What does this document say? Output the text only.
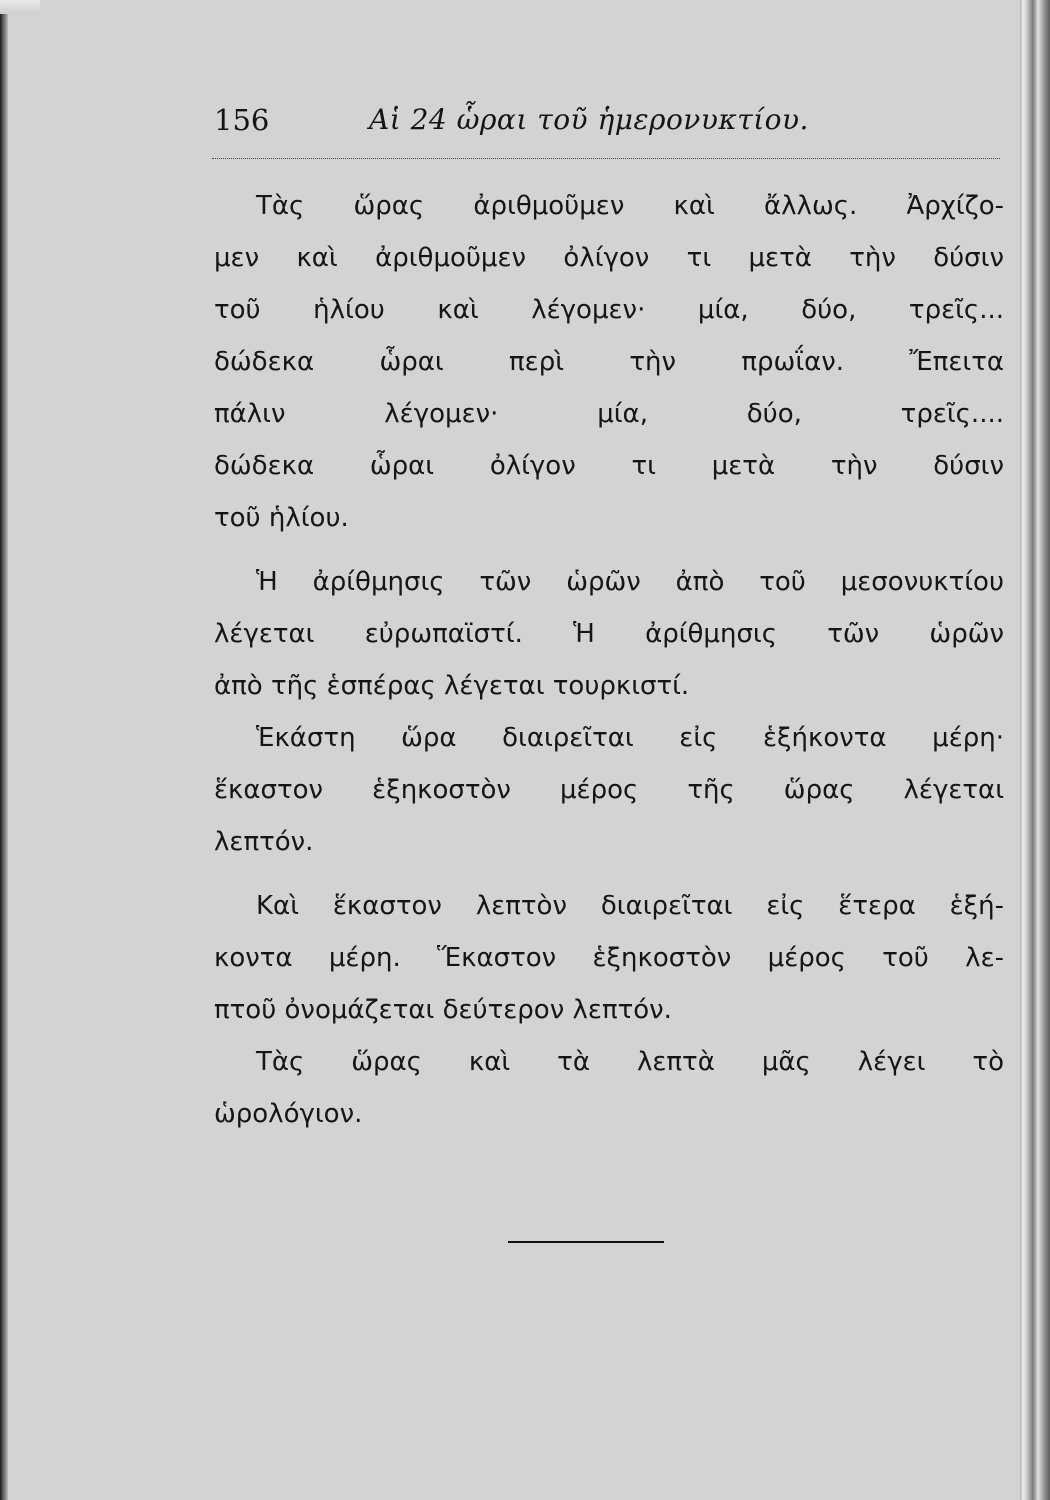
156	Αἱ 24 ὧραι τοῦ ἡμερονυκτίου.
Τὰς ὥρας ἀριθμοῦμεν καὶ ἄλλως. Ἀρχίζο-
μεν καὶ ἀριθμοῦμεν ὀλίγον τι μετὰ τὴν δύσιν
τοῦ ἡλίου καὶ λέγομεν· μία, δύο, τρεῖς...
δώδεκα ὧραι περὶ τὴν πρωΐαν. Ἔπειτα
πάλιν λέγομεν· μία, δύο, τρεῖς....
δώδεκα ὧραι ὀλίγον τι μετὰ τὴν δύσιν
τοῦ ἡλίου.
Ἡ ἀρίθμησις τῶν ὡρῶν ἀπὸ τοῦ μεσονυκτίου
λέγεται εὐρωπαϊστί. Ἡ ἀρίθμησις τῶν ὡρῶν
ἀπὸ τῆς ἑσπέρας λέγεται τουρκιστί.
Ἑκάστη ὥρα διαιρεῖται εἰς ἑξήκοντα μέρη·
ἕκαστον ἑξηκοστὸν μέρος τῆς ὥρας λέγεται
λεπτόν.
Καὶ ἕκαστον λεπτὸν διαιρεῖται εἰς ἕτερα ἑξή-
κοντα μέρη. Ἕκαστον ἑξηκοστὸν μέρος τοῦ λε-
πτοῦ ὀνομάζεται δεύτερον λεπτόν.
Τὰς ὥρας καὶ τὰ λεπτὰ μᾶς λέγει τὸ
ὡρολόγιον.
